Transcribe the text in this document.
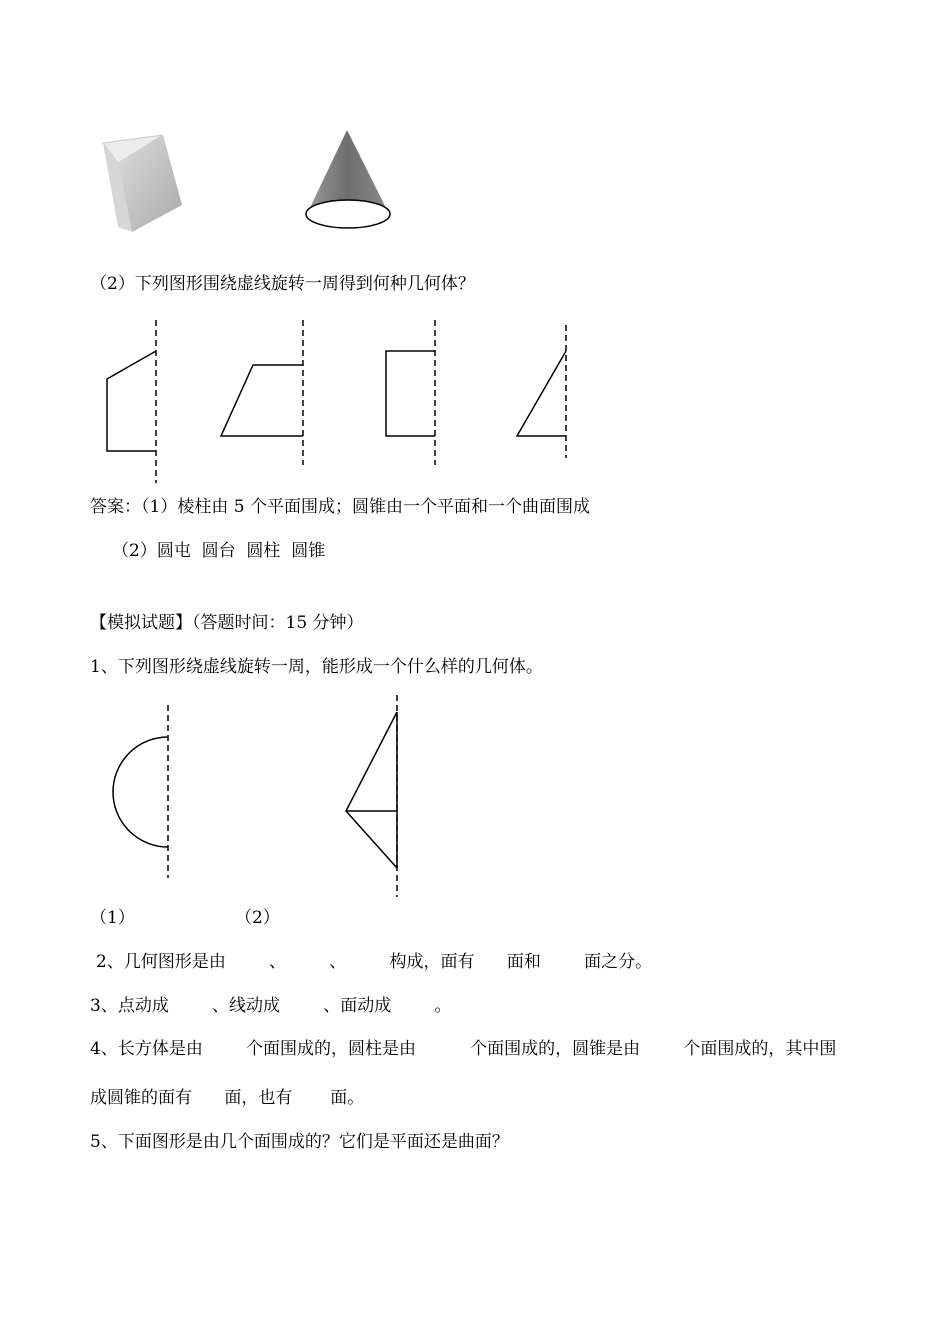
（2）下列图形围绕虚线旋转一周得到何种几何体？
答案：（1）棱柱由 5 个平面围成；圆锥由一个平面和一个曲面围成
（2）圆屯  圆台  圆柱  圆锥
【模拟试题】（答题时间：15 分钟）
1、下列图形绕虚线旋转一周，能形成一个什么样的几何体。
（1）	（2）
2、几何图形是由        、        、        构成，面有      面和        面之分。
3、点动成        、线动成        、面动成        。
4、长方体是由        个面围成的，圆柱是由          个面围成的，圆锥是由        个面围成的，其中围
成圆锥的面有      面，也有       面。
5、下面图形是由几个面围成的？它们是平面还是曲面？
